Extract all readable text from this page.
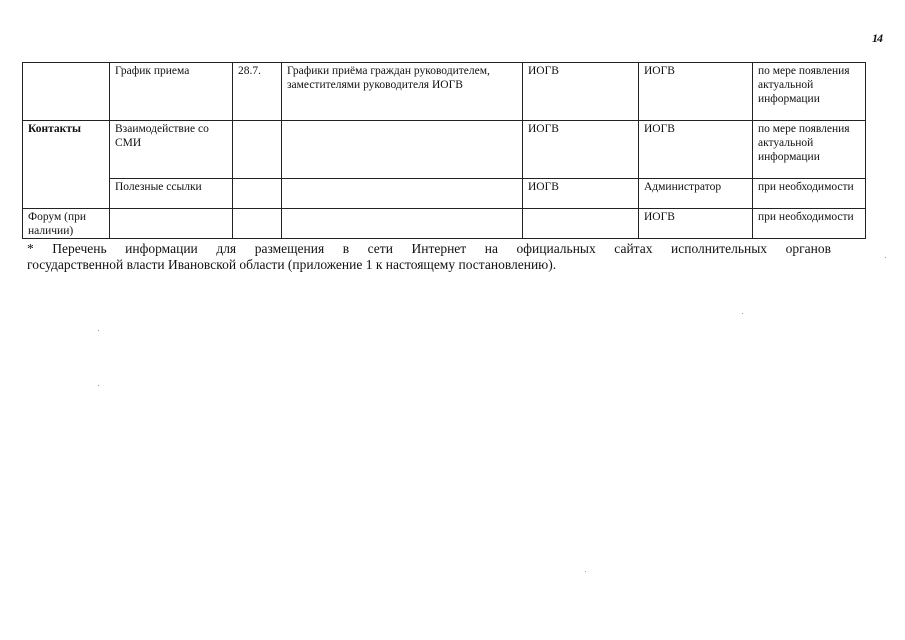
14
	График приема	28.7.	Графики приёма граждан руководителем, заместителями руководителя ИОГВ	ИОГВ	ИОГВ	по мере появления актуальной информации
Контакты	Взаимодействие со СМИ			ИОГВ	ИОГВ	по мере появления актуальной информации
	Полезные ссылки			ИОГВ	Администратор	при необходимости
Форум (при наличии)					ИОГВ	при необходимости
* Перечень информации для размещения в сети Интернет на официальных сайтах исполнительных органов
государственной власти Ивановской области (приложение 1 к настоящему постановлению).
